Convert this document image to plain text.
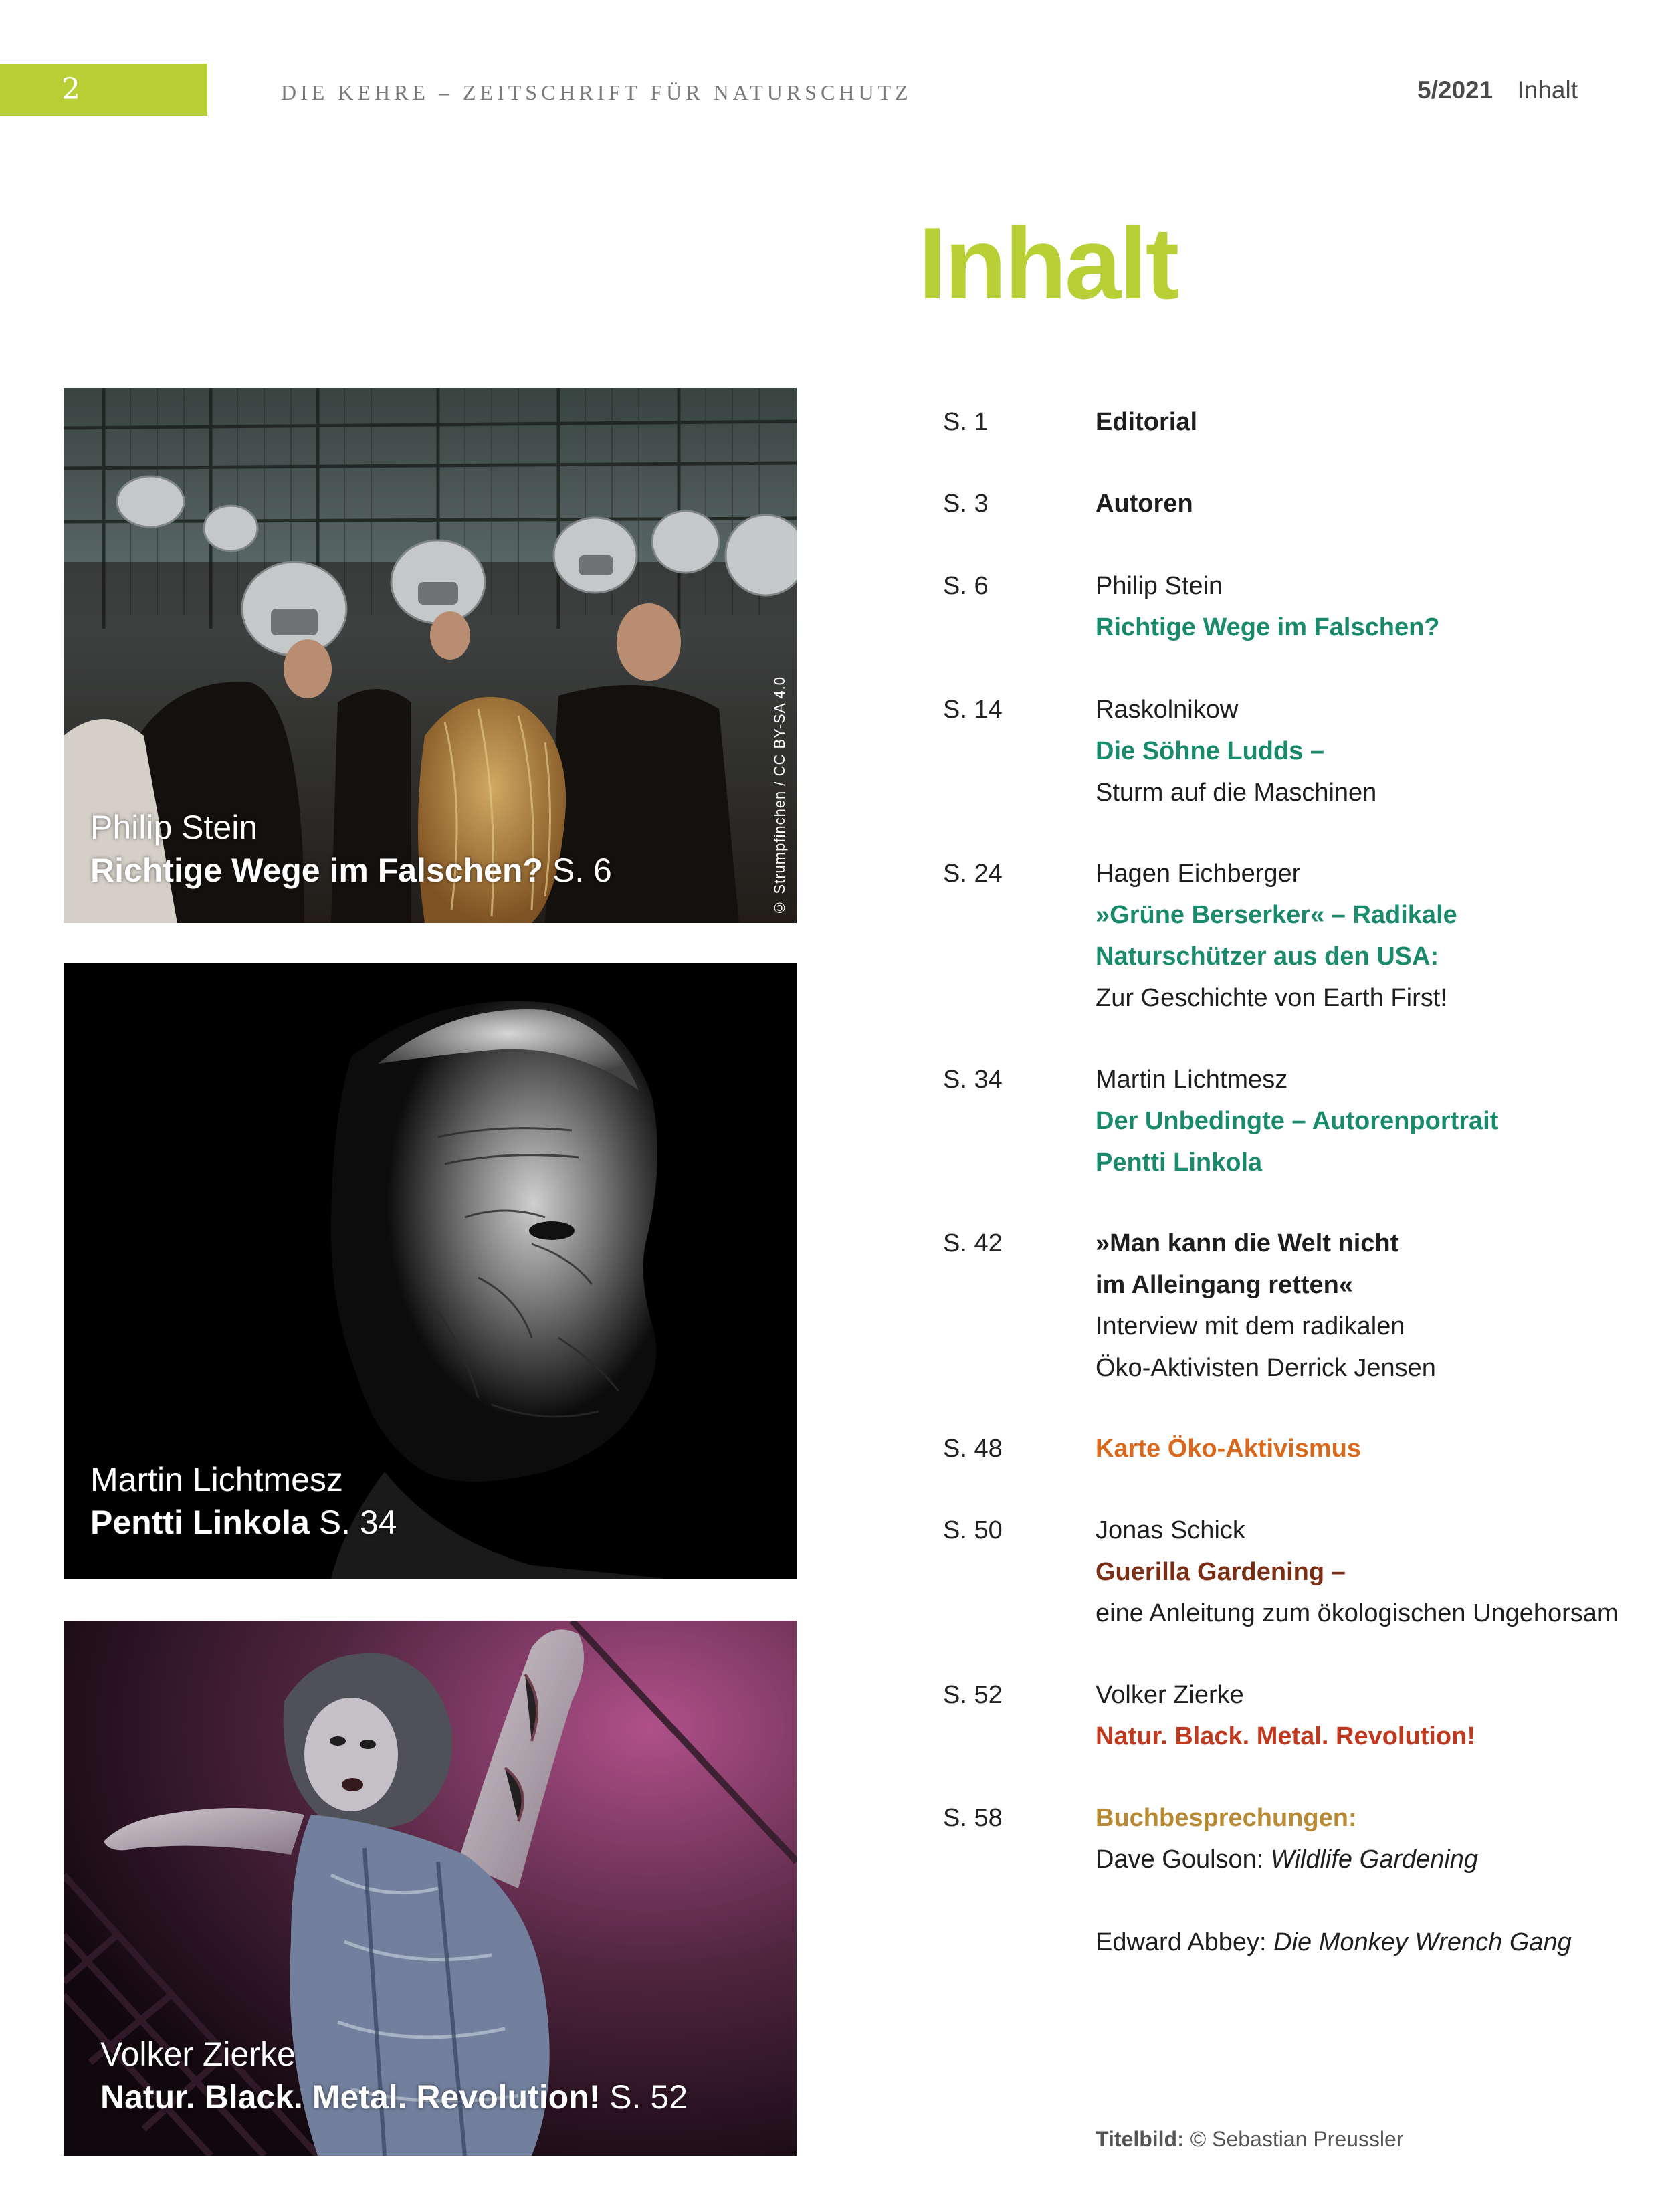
2	DIE KEHRE – ZEITSCHRIFT FÜR NATURSCHUTZ	5/2021 Inhalt
Inhalt
Philip Stein
Richtige Wege im Falschen? S. 6	© Strumpfinchen / CC BY-SA 4.0
Martin Lichtmesz
Pentti Linkola S. 34
Volker Zierke
Natur. Black. Metal. Revolution! S. 52
S. 1	Editorial
S. 3	Autoren
S. 6	Philip Stein
Richtige Wege im Falschen?
S. 14	Raskolnikow
Die Söhne Ludds –
Sturm auf die Maschinen
S. 24	Hagen Eichberger
»Grüne Berserker« – Radikale
Naturschützer aus den USA:
Zur Geschichte von Earth First!
S. 34	Martin Lichtmesz
Der Unbedingte – Autorenportrait
Pentti Linkola
S. 42	»Man kann die Welt nicht
im Alleingang retten«
Interview mit dem radikalen
Öko-Aktivisten Derrick Jensen
S. 48	Karte Öko-Aktivismus
S. 50	Jonas Schick
Guerilla Gardening –
eine Anleitung zum ökologischen Ungehorsam
S. 52	Volker Zierke
Natur. Black. Metal. Revolution!
S. 58	Buchbesprechungen:
Dave Goulson: Wildlife Gardening

Edward Abbey: Die Monkey Wrench Gang
Titelbild: © Sebastian Preussler
